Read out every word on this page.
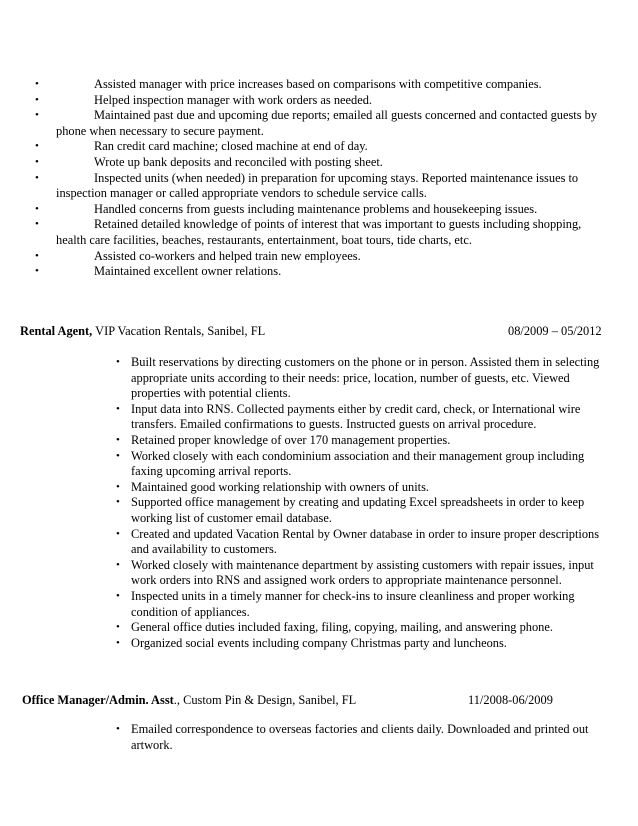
•	Assisted manager with price increases based on comparisons with competitive companies.
•	Helped inspection manager with work orders as needed.
•	Maintained past due and upcoming due reports; emailed all guests concerned and contacted guests by phone when necessary to secure payment.
•	Ran credit card machine; closed machine at end of day.
•	Wrote up bank deposits and reconciled with posting sheet.
•	Inspected units (when needed) in preparation for upcoming stays. Reported maintenance issues to inspection manager or called appropriate vendors to schedule service calls.
•	Handled concerns from guests including maintenance problems and housekeeping issues.
•	Retained detailed knowledge of points of interest that was important to guests including shopping, health care facilities, beaches, restaurants, entertainment, boat tours, tide charts, etc.
•	Assisted co-workers and helped train new employees.
•	Maintained excellent owner relations.
Rental Agent, VIP Vacation Rentals, Sanibel, FL	08/2009 – 05/2012
• Built reservations by directing customers on the phone or in person. Assisted them in selecting appropriate units according to their needs: price, location, number of guests, etc. Viewed properties with potential clients.
• Input data into RNS. Collected payments either by credit card, check, or International wire transfers. Emailed confirmations to guests. Instructed guests on arrival procedure.
• Retained proper knowledge of over 170 management properties.
• Worked closely with each condominium association and their management group including faxing upcoming arrival reports.
• Maintained good working relationship with owners of units.
• Supported office management by creating and updating Excel spreadsheets in order to keep working list of customer email database.
• Created and updated Vacation Rental by Owner database in order to insure proper descriptions and availability to customers.
• Worked closely with maintenance department by assisting customers with repair issues, input work orders into RNS and assigned work orders to appropriate maintenance personnel.
• Inspected units in a timely manner for check-ins to insure cleanliness and proper working condition of appliances.
• General office duties included faxing, filing, copying, mailing, and answering phone.
• Organized social events including company Christmas party and luncheons.
Office Manager/Admin. Asst., Custom Pin & Design, Sanibel, FL	11/2008-06/2009
• Emailed correspondence to overseas factories and clients daily. Downloaded and printed out artwork.
